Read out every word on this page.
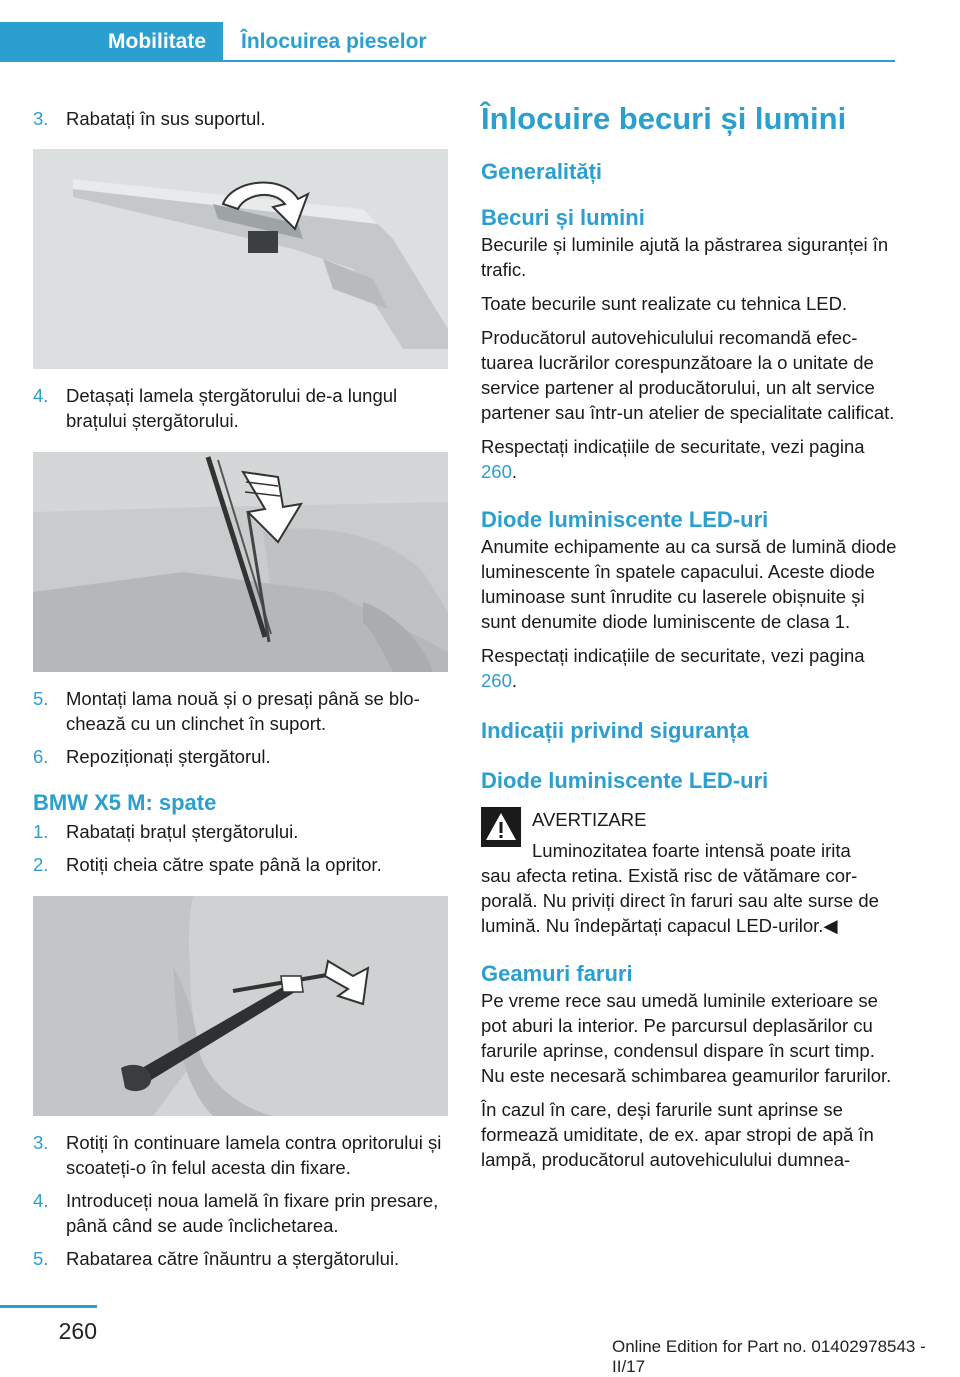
Mobilitate	Înlocuirea pieselor
3. Rabatați în sus suportul.
4. Detașați lamela ștergătorului de-a lungul brațului ștergătorului.
5. Montați lama nouă și o presați până se blochează cu un clinchet în suport.
6. Repoziționați ștergătorul.
BMW X5 M: spate
1. Rabatați brațul ștergătorului.
2. Rotiți cheia către spate până la opritor.
3. Rotiți în continuare lamela contra opritorului și scoateți-o în felul acesta din fixare.
4. Introduceți noua lamelă în fixare prin presare, până când se aude înclichetarea.
5. Rabatarea către înăuntru a ștergătorului.
Înlocuire becuri și lumini
Generalități
Becuri și lumini

Becurile și luminile ajută la păstrarea siguranței în trafic.

Toate becurile sunt realizate cu tehnica LED.

Producătorul autovehiculului recomandă efectuarea lucrărilor corespunzătoare la o unitate de service partener al producătorului, un alt service partener sau într-un atelier de specialitate calificat.

Respectați indicațiile de securitate, vezi pagina 260.

Diode luminiscente LED-uri

Anumite echipamente au ca sursă de lumină diode luminescente în spatele capacului. Aceste diode luminoase sunt înrudite cu laserele obișnuite și sunt denumite diode luminiscente de clasa 1.

Respectați indicațiile de securitate, vezi pagina 260.

Indicații privind siguranța
Diode luminiscente LED-uri
AVERTIZARE
Luminozitatea foarte intensă poate irita

sau afecta retina. Există risc de vătămare corporală. Nu priviți direct în faruri sau alte surse de lumină. Nu îndepărtați capacul LED-urilor.◀

Geamuri faruri

Pe vreme rece sau umedă luminile exterioare se pot aburi la interior. Pe parcursul deplasărilor cu farurile aprinse, condensul dispare în scurt timp. Nu este necesară schimbarea geamurilor farurilor.

În cazul în care, deși farurile sunt aprinse se formează umiditate, de ex. apar stropi de apă în lampă, producătorul autovehiculului dumnea-

260
Online Edition for Part no. 01402978543 - II/17
